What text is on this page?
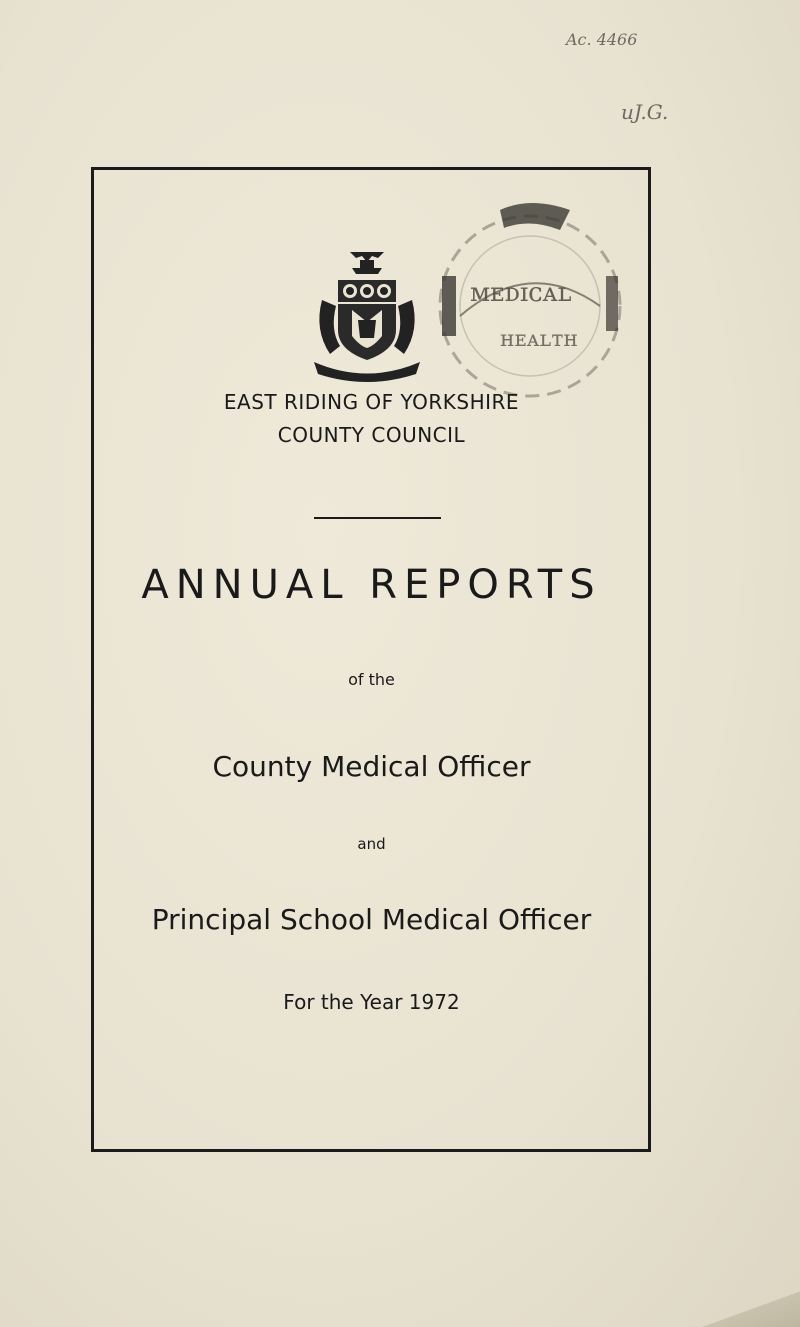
Ac. 4466
uJ.G.
ᴍᴇᴅɪᴄᴀʟ
ʜᴇᴀʟᴛʜ
EAST RIDING OF YORKSHIRE
COUNTY COUNCIL
ANNUAL REPORTS
of the
County Medical Officer
and
Principal School Medical Officer
For the Year 1972
